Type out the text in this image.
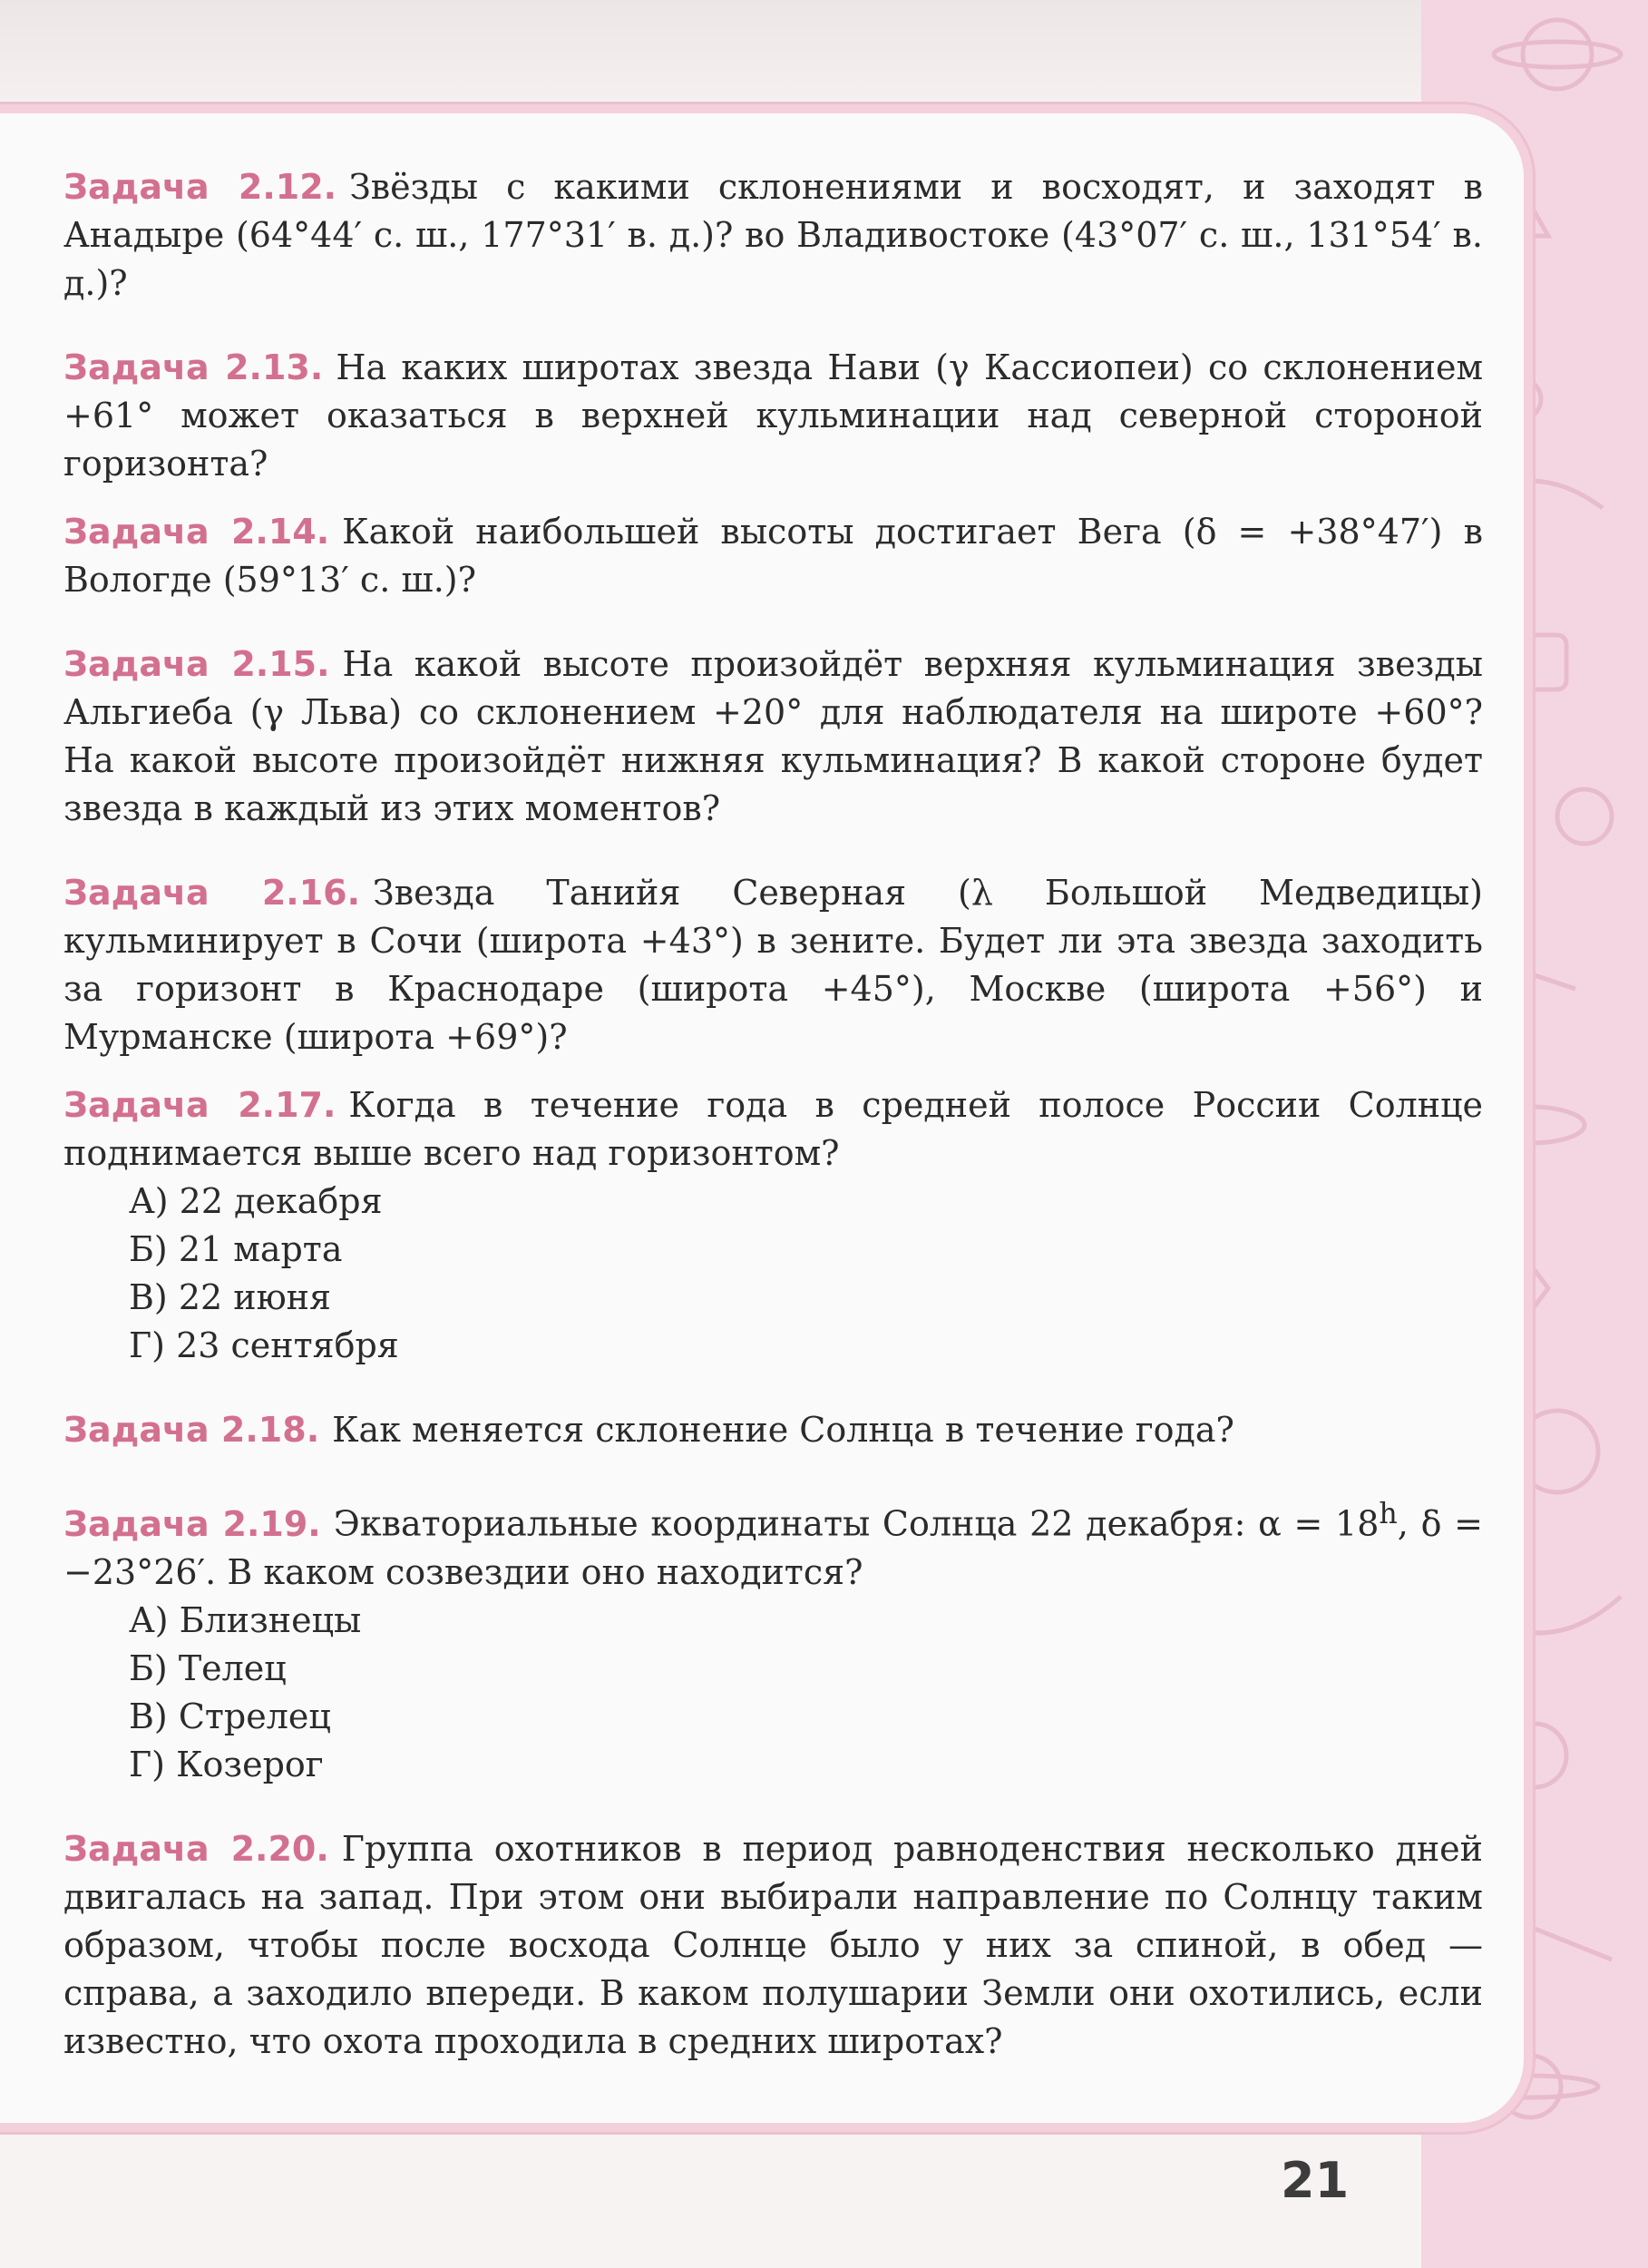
Задача 2.12. Звёзды с какими склонениями и восходят, и заходят в Анадыре (64°44′ с. ш., 177°31′ в. д.)? во Владивостоке (43°07′ с. ш., 131°54′ в. д.)?

Задача 2.13. На каких широтах звезда Нави (γ Кассиопеи) со склонением +61° может оказаться в верхней кульминации над северной стороной горизонта?

Задача 2.14. Какой наибольшей высоты достигает Вега (δ = +38°47′) в Вологде (59°13′ с. ш.)?

Задача 2.15. На какой высоте произойдёт верхняя кульминация звезды Альгиеба (γ Льва) со склонением +20° для наблюдателя на широте +60°? На какой высоте произойдёт нижняя кульминация? В какой стороне будет звезда в каждый из этих моментов?

Задача 2.16. Звезда Танийя Северная (λ Большой Медведицы) кульминирует в Сочи (широта +43°) в зените. Будет ли эта звезда заходить за горизонт в Краснодаре (широта +45°), Москве (широта +56°) и Мурманске (широта +69°)?

Задача 2.17. Когда в течение года в средней полосе России Солнце поднимается выше всего над горизонтом?

А) 22 декабря
Б) 21 марта
В) 22 июня
Г) 23 сентября

Задача 2.18. Как меняется склонение Солнца в течение года?

Задача 2.19. Экваториальные координаты Солнца 22 декабря: $\alpha = 18^h$, δ = −23°26′. В каком созвездии оно находится?

А) Близнецы
Б) Телец
В) Стрелец
Г) Козерог

Задача 2.20. Группа охотников в период равноденствия несколько дней двигалась на запад. При этом они выбирали направление по Солнцу таким образом, чтобы после восхода Солнце было у них за спиной, в обед — справа, а заходило впереди. В каком полушарии Земли они охотились, если известно, что охота проходила в средних широтах?

21
